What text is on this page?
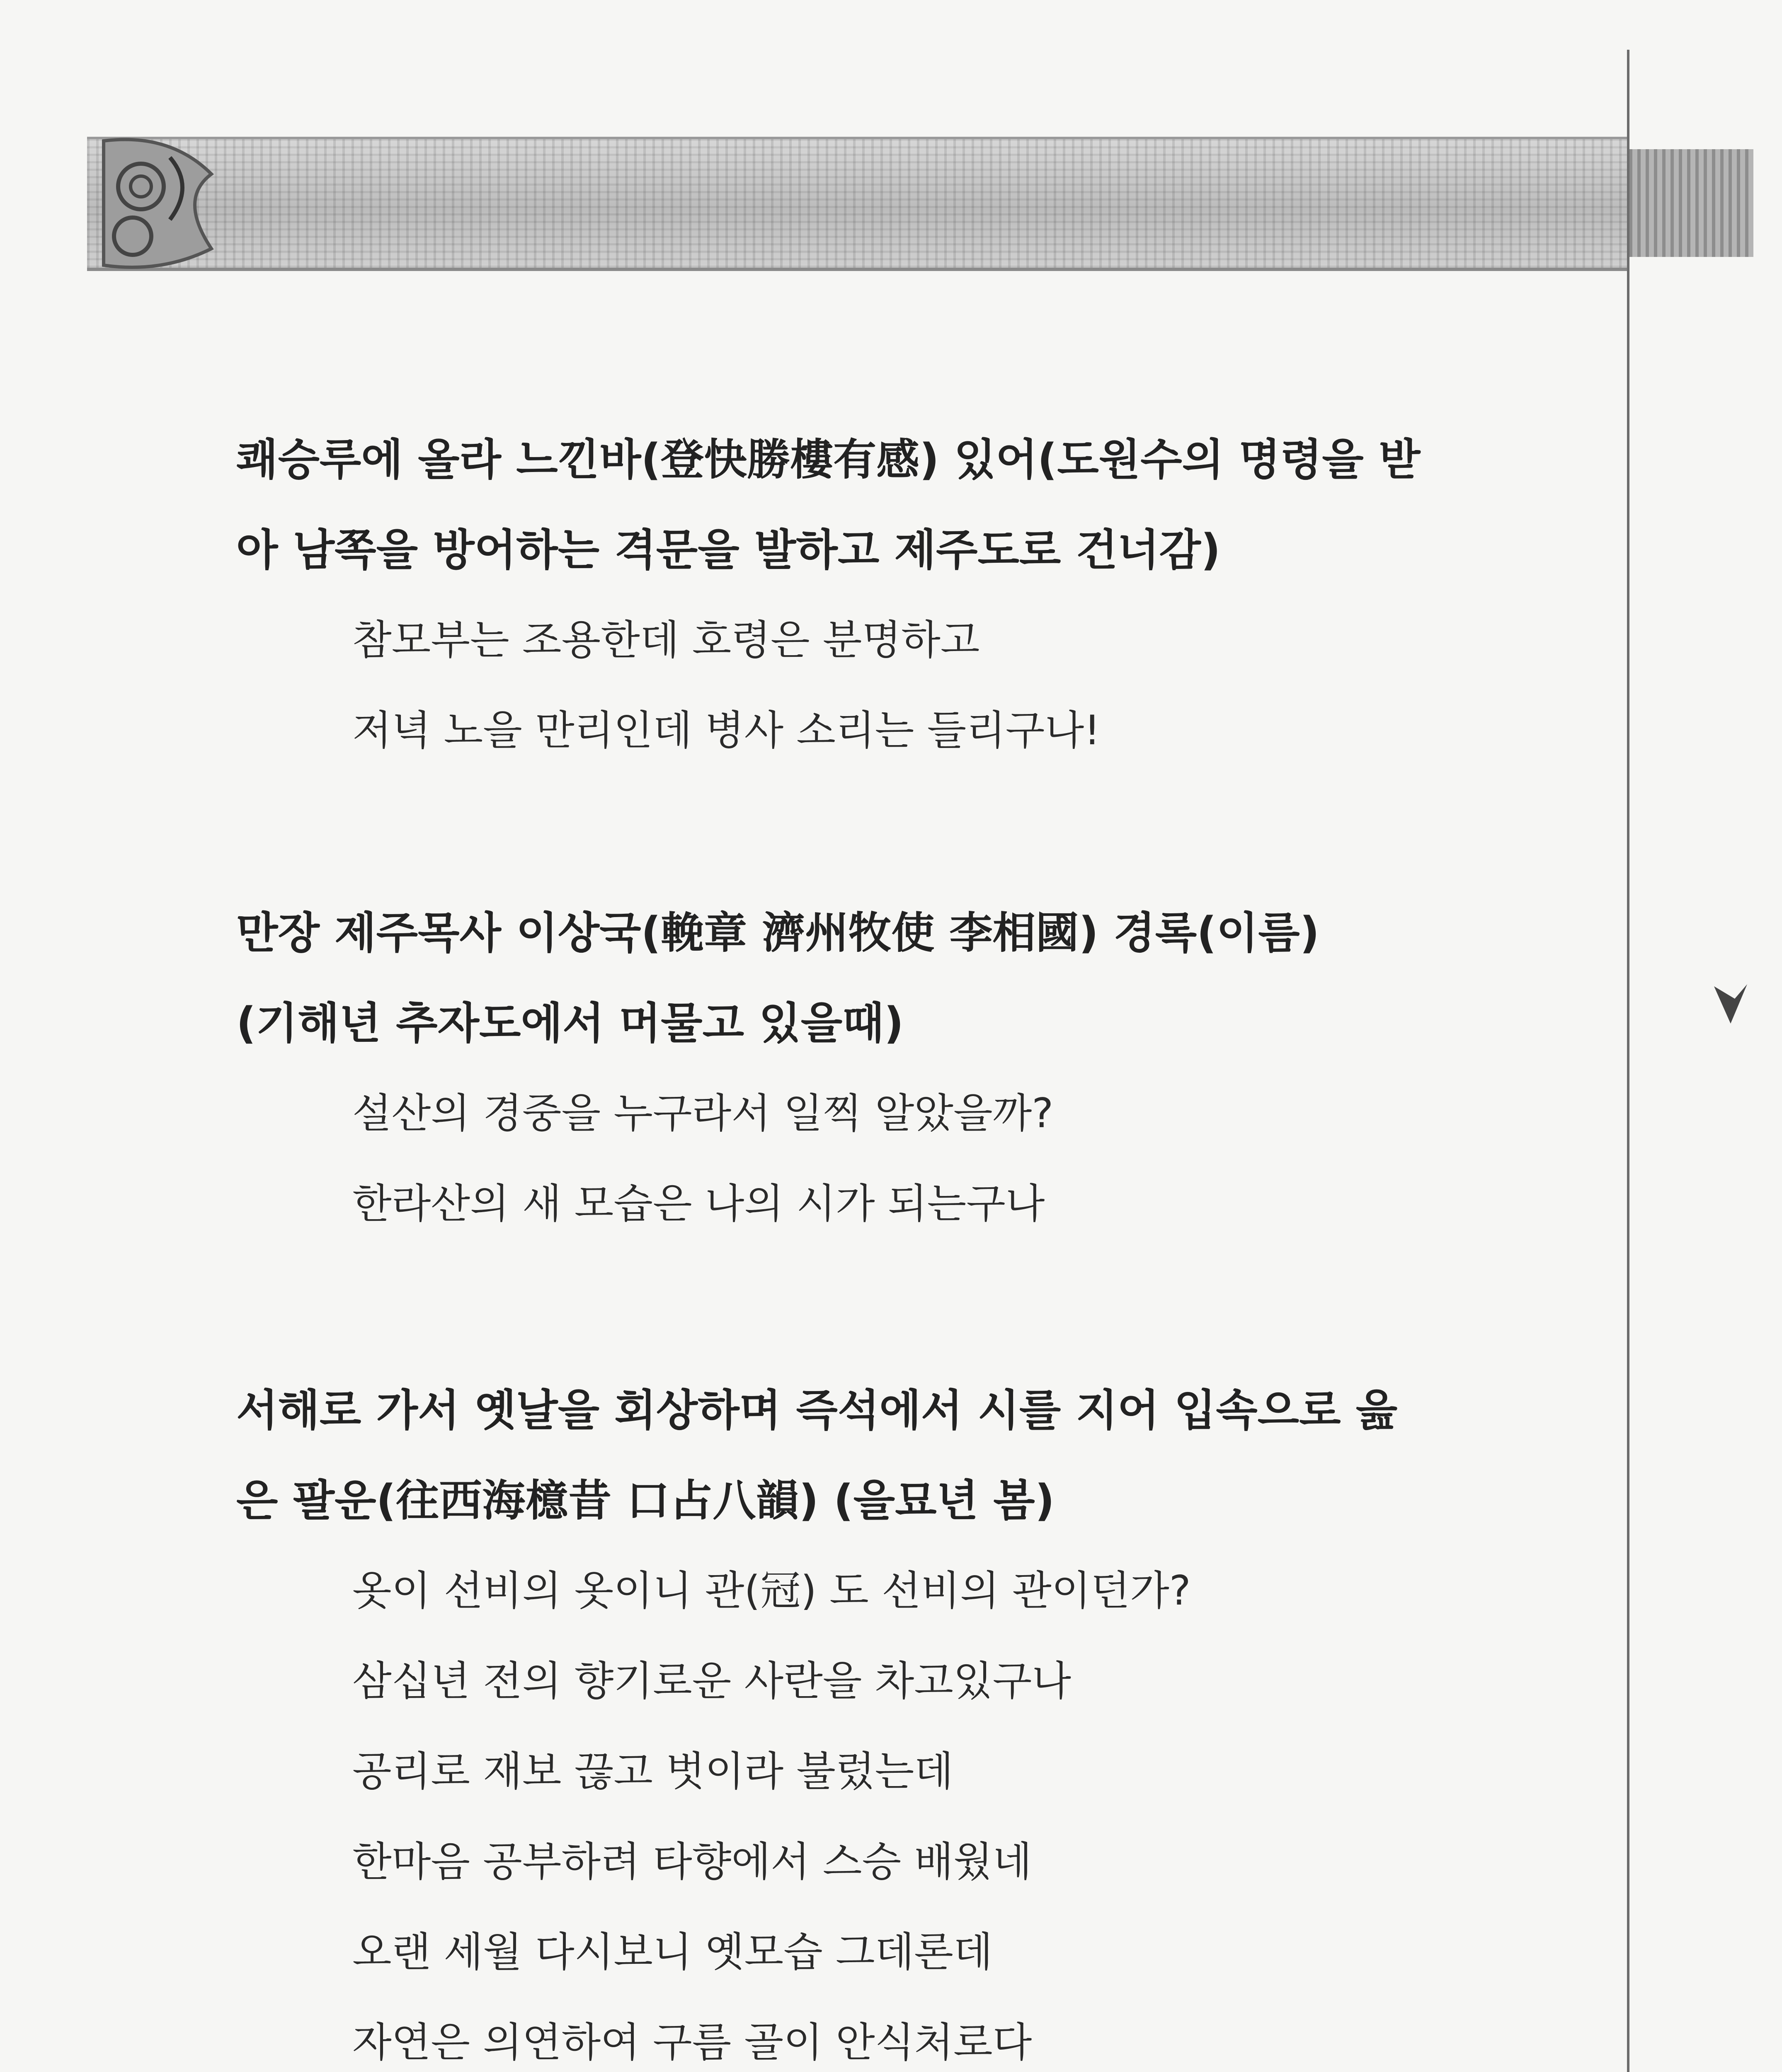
쾌승루에 올라 느낀바(登快勝樓有感) 있어(도원수의 명령을 받

아 남쪽을 방어하는 격문을 발하고 제주도로 건너감)

참모부는 조용한데 호령은 분명하고

저녁 노을 만리인데 병사 소리는 들리구나!

만장 제주목사 이상국(輓章 濟州牧使 李相國) 경록(이름)

(기해년 추자도에서 머물고 있을때)

설산의 경중을 누구라서 일찍 알았을까?

한라산의 새 모습은 나의 시가 되는구나

서해로 가서 옛날을 회상하며 즉석에서 시를 지어 입속으로 읊

은 팔운(往西海檍昔 口占八韻) (을묘년 봄)

옷이 선비의 옷이니 관(冠) 도 선비의 관이던가?

삼십년 전의 향기로운 사란을 차고있구나

공리로 재보 끊고 벗이라 불렀는데

한마음 공부하려 타향에서 스승 배웠네

오랜 세월 다시보니 옛모습 그데론데

자연은 의연하여 구름 골이 안식처로다
